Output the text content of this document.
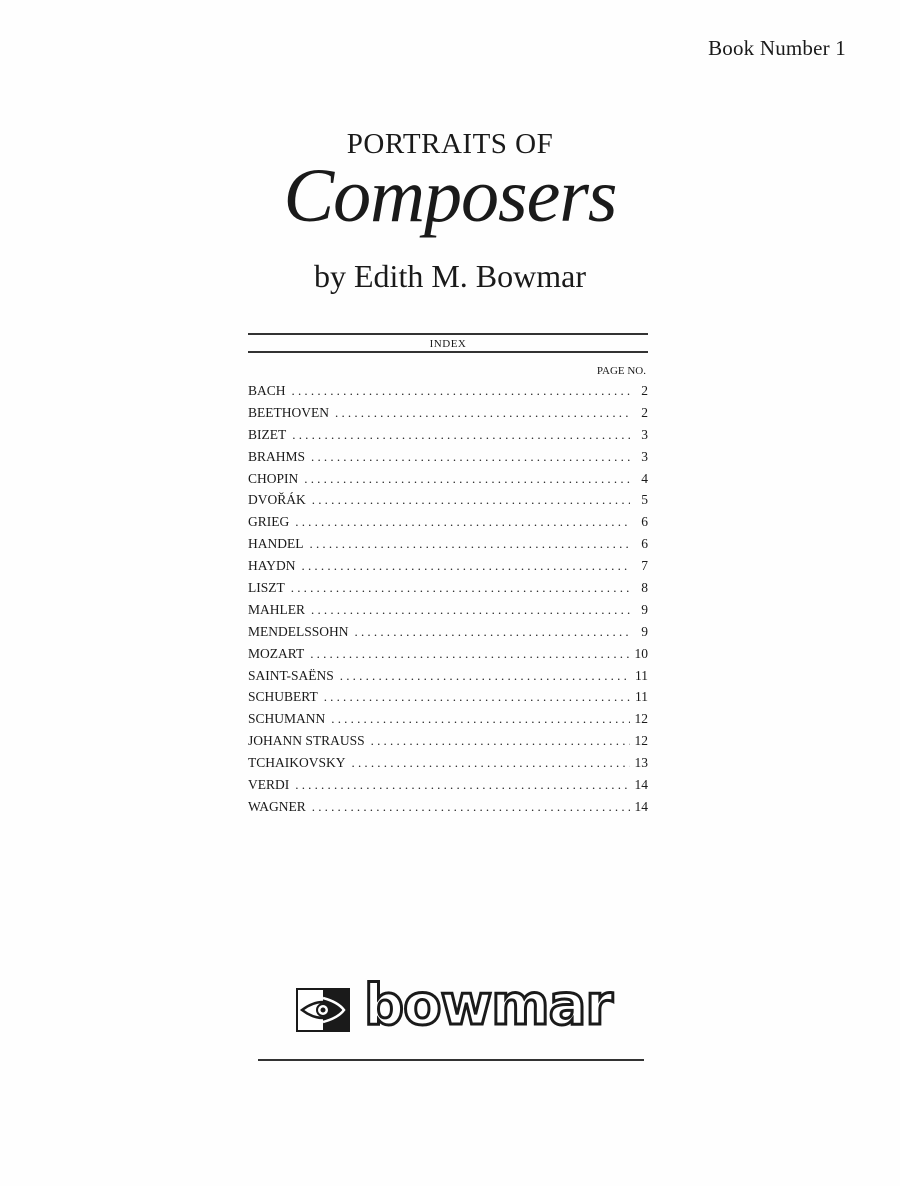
Book Number 1
PORTRAITS OF
Composers
by Edith M. Bowmar
INDEX
PAGE NO.
BACH .....	2
BEETHOVEN .....	2
BIZET .....	3
BRAHMS .....	3
CHOPIN .....	4
DVOŘÁK .....	5
GRIEG .....	6
HANDEL .....	6
HAYDN .....	7
LISZT .....	8
MAHLER .....	9
MENDELSSOHN .....	9
MOZART .....	10
SAINT-SAËNS .....	11
SCHUBERT .....	11
SCHUMANN .....	12
JOHANN STRAUSS .....	12
TCHAIKOVSKY .....	13
VERDI .....	14
WAGNER .....	14
bowmar
